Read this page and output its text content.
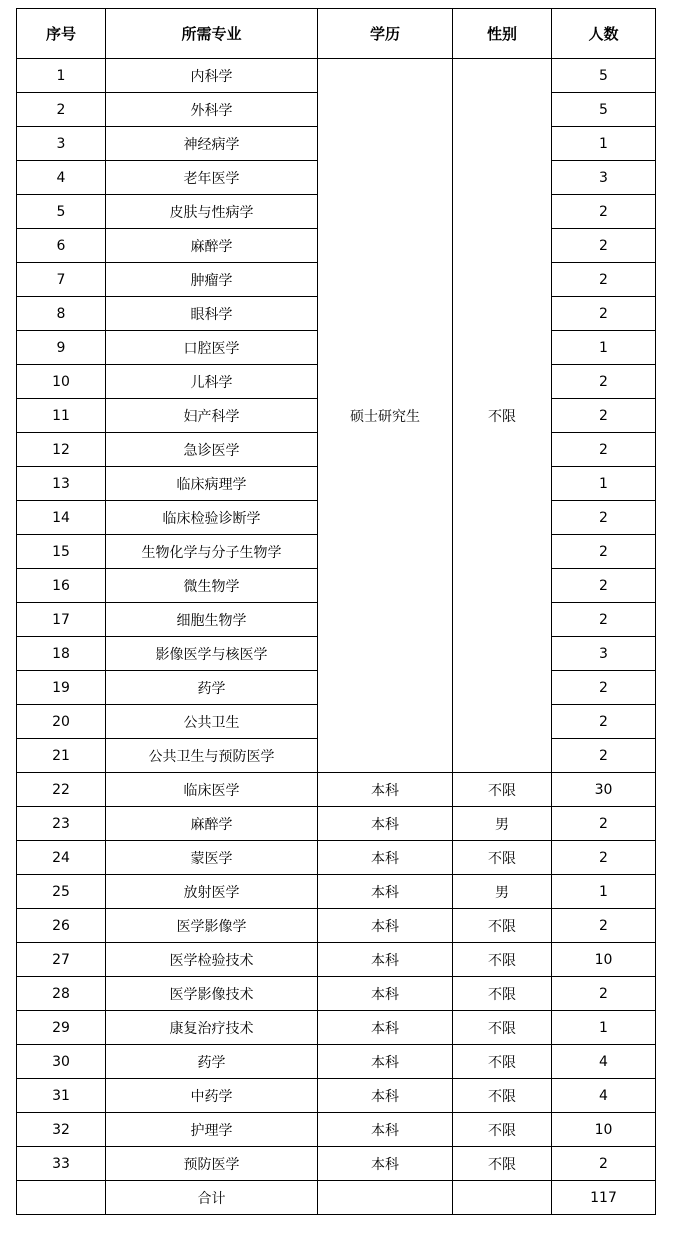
序号	所需专业	学历	性别	人数
1	内科学	硕士研究生	不限	5
2	外科学			5
3	神经病学			1
4	老年医学			3
5	皮肤与性病学			2
6	麻醉学			2
7	肿瘤学			2
8	眼科学			2
9	口腔医学			1
10	儿科学			2
11	妇产科学			2
12	急诊医学			2
13	临床病理学			1
14	临床检验诊断学			2
15	生物化学与分子生物学			2
16	微生物学			2
17	细胞生物学			2
18	影像医学与核医学			3
19	药学			2
20	公共卫生			2
21	公共卫生与预防医学			2
22	临床医学	本科	不限	30
23	麻醉学	本科	男	2
24	蒙医学	本科	不限	2
25	放射医学	本科	男	1
26	医学影像学	本科	不限	2
27	医学检验技术	本科	不限	10
28	医学影像技术	本科	不限	2
29	康复治疗技术	本科	不限	1
30	药学	本科	不限	4
31	中药学	本科	不限	4
32	护理学	本科	不限	10
33	预防医学	本科	不限	2
	合计			117
